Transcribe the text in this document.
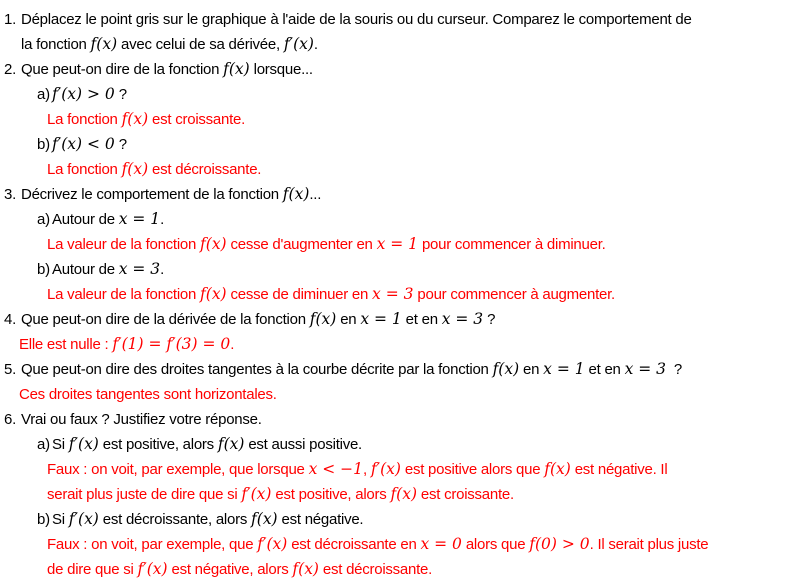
1. Déplacez le point gris sur le graphique à l'aide de la souris ou du curseur. Comparez le comportement de
la fonction f(x) avec celui de sa dérivée, f′(x).
2. Que peut-on dire de la fonction f(x) lorsque...
a) f′(x) > 0 ?
La fonction f(x) est croissante.
b) f′(x) < 0 ?
La fonction f(x) est décroissante.
3. Décrivez le comportement de la fonction f(x)...
a) Autour de x = 1.
La valeur de la fonction f(x) cesse d'augmenter en x = 1 pour commencer à diminuer.
b) Autour de x = 3.
La valeur de la fonction f(x) cesse de diminuer en x = 3 pour commencer à augmenter.
4. Que peut-on dire de la dérivée de la fonction f(x) en x = 1 et en x = 3 ?
Elle est nulle : f′(1) = f′(3) = 0.
5. Que peut-on dire des droites tangentes à la courbe décrite par la fonction f(x) en x = 1 et en x = 3  ?
Ces droites tangentes sont horizontales.
6. Vrai ou faux ? Justifiez votre réponse.
a) Si f′(x) est positive, alors f(x) est aussi positive.
Faux : on voit, par exemple, que lorsque x < −1, f′(x) est positive alors que f(x) est négative. Il
serait plus juste de dire que si f′(x) est positive, alors f(x) est croissante.
b) Si f′(x) est décroissante, alors f(x) est négative.
Faux : on voit, par exemple, que f′(x) est décroissante en x = 0 alors que f(0) > 0. Il serait plus juste
de dire que si f′(x) est négative, alors f(x) est décroissante.
